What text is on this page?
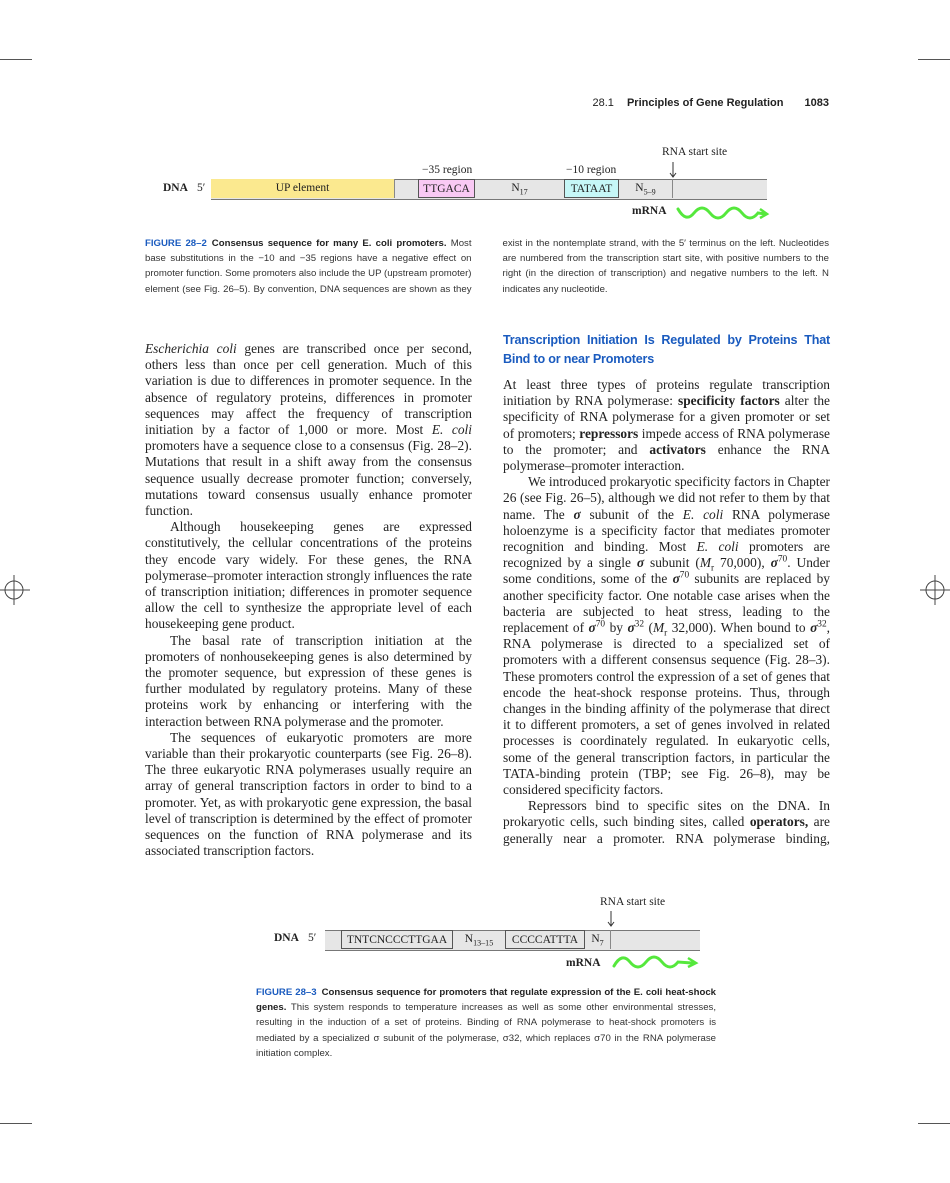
28.1 Principles of Gene Regulation 1083
DNA 5′
−35 region	−10 region
RNA start site
UP element	TTGACA	$N_{17}$	TATAAT	$N_{5-9}$
mRNA
FIGURE 28–2 Consensus sequence for many E. coli promoters. Most base substitutions in the −10 and −35 regions have a negative effect on promoter function. Some promoters also include the UP (upstream promoter) element (see Fig. 26–5). By convention, DNA sequences are shown as they exist in the nontemplate strand, with the 5′ terminus on the left. Nucleotides are numbered from the transcription start site, with positive numbers to the right (in the direction of transcription) and negative numbers to the left. N indicates any nucleotide.

Escherichia coli genes are transcribed once per second, others less than once per cell generation. Much of this variation is due to differences in promoter sequence. In the absence of regulatory proteins, differences in promoter sequences may affect the frequency of transcription initiation by a factor of 1,000 or more. Most E. coli promoters have a sequence close to a consensus (Fig. 28–2). Mutations that result in a shift away from the consensus sequence usually decrease promoter function; conversely, mutations toward consensus usually enhance promoter function.

Although housekeeping genes are expressed constitutively, the cellular concentrations of the proteins they encode vary widely. For these genes, the RNA polymerase–promoter interaction strongly influences the rate of transcription initiation; differences in promoter sequence allow the cell to synthesize the appropriate level of each housekeeping gene product.

The basal rate of transcription initiation at the promoters of nonhousekeeping genes is also determined by the promoter sequence, but expression of these genes is further modulated by regulatory proteins. Many of these proteins work by enhancing or interfering with the interaction between RNA polymerase and the promoter.

The sequences of eukaryotic promoters are more variable than their prokaryotic counterparts (see Fig. 26–8). The three eukaryotic RNA polymerases usually require an array of general transcription factors in order to bind to a promoter. Yet, as with prokaryotic gene expression, the basal level of transcription is determined by the effect of promoter sequences on the function of RNA polymerase and its associated transcription factors.

Transcription Initiation Is Regulated by Proteins That Bind to or near Promoters

At least three types of proteins regulate transcription initiation by RNA polymerase: specificity factors alter the specificity of RNA polymerase for a given promoter or set of promoters; repressors impede access of RNA polymerase to the promoter; and activators enhance the RNA polymerase–promoter interaction.

We introduced prokaryotic specificity factors in Chapter 26 (see Fig. 26–5), although we did not refer to them by that name. The σ subunit of the E. coli RNA polymerase holoenzyme is a specificity factor that mediates promoter recognition and binding. Most E. coli promoters are recognized by a single σ subunit ($M_r$ 70,000), $\sigma^{70}$. Under some conditions, some of the $\sigma^{70}$ subunits are replaced by another specificity factor. One notable case arises when the bacteria are subjected to heat stress, leading to the replacement of $\sigma^{70}$ by $\sigma^{32}$ ($M_r$ 32,000). When bound to $\sigma^{32}$, RNA polymerase is directed to a specialized set of promoters with a different consensus sequence (Fig. 28–3). These promoters control the expression of a set of genes that encode the heat-shock response proteins. Thus, through changes in the binding affinity of the polymerase that direct it to different promoters, a set of genes involved in related processes is coordinately regulated. In eukaryotic cells, some of the general transcription factors, in particular the TATA-binding protein (TBP; see Fig. 26–8), may be considered specificity factors.

Repressors bind to specific sites on the DNA. In prokaryotic cells, such binding sites, called operators, are generally near a promoter. RNA polymerase binding,

DNA 5′
RNA start site
TNTCNCCCTTGAA	$N_{13-15}$	CCCCATTTA	$N_7$
mRNA
FIGURE 28–3 Consensus sequence for promoters that regulate expression of the E. coli heat-shock genes. This system responds to temperature increases as well as some other environmental stresses, resulting in the induction of a set of proteins. Binding of RNA polymerase to heat-shock promoters is mediated by a specialized σ subunit of the polymerase, σ32, which replaces σ70 in the RNA polymerase initiation complex.
